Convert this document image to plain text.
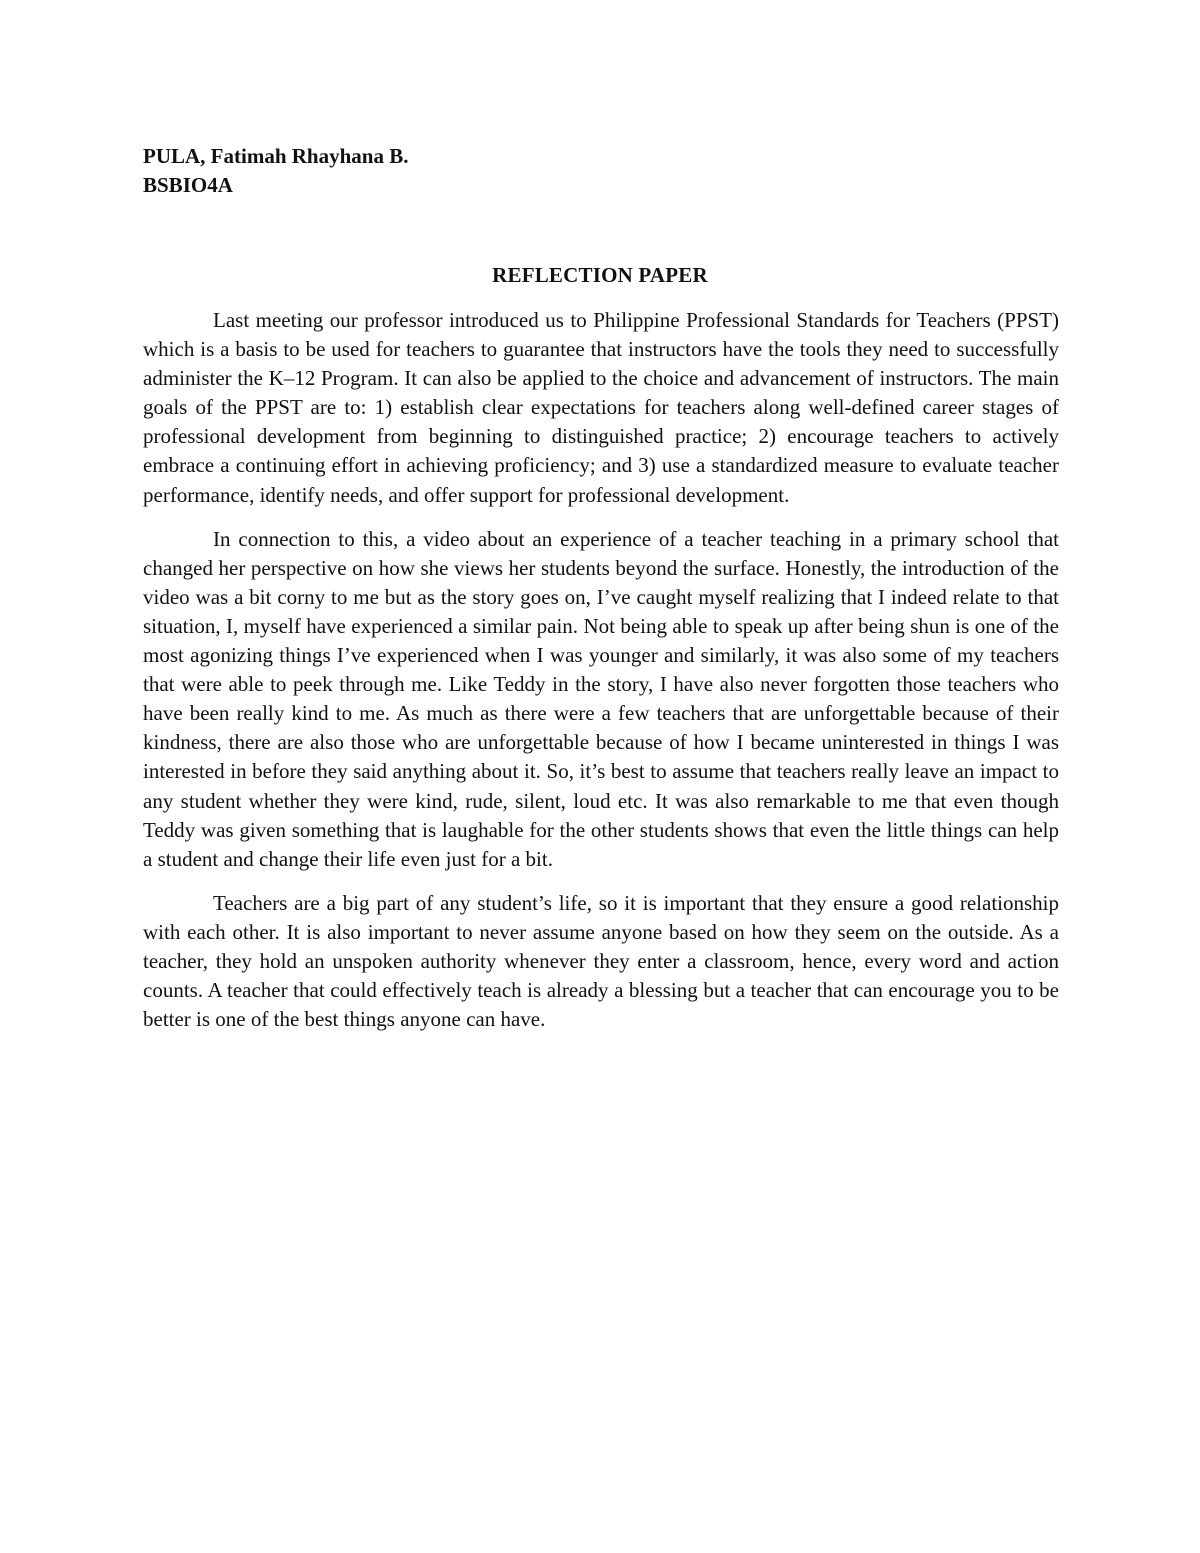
PULA, Fatimah Rhayhana B.
BSBIO4A
REFLECTION PAPER

Last meeting our professor introduced us to Philippine Professional Standards for Teachers (PPST) which is a basis to be used for teachers to guarantee that instructors have the tools they need to successfully administer the K–12 Program. It can also be applied to the choice and advancement of instructors. The main goals of the PPST are to: 1) establish clear expectations for teachers along well-defined career stages of professional development from beginning to distinguished practice; 2) encourage teachers to actively embrace a continuing effort in achieving proficiency; and 3) use a standardized measure to evaluate teacher performance, identify needs, and offer support for professional development.

In connection to this, a video about an experience of a teacher teaching in a primary school that changed her perspective on how she views her students beyond the surface. Honestly, the introduction of the video was a bit corny to me but as the story goes on, I’ve caught myself realizing that I indeed relate to that situation, I, myself have experienced a similar pain. Not being able to speak up after being shun is one of the most agonizing things I’ve experienced when I was younger and similarly, it was also some of my teachers that were able to peek through me. Like Teddy in the story, I have also never forgotten those teachers who have been really kind to me. As much as there were a few teachers that are unforgettable because of their kindness, there are also those who are unforgettable because of how I became uninterested in things I was interested in before they said anything about it. So, it’s best to assume that teachers really leave an impact to any student whether they were kind, rude, silent, loud etc. It was also remarkable to me that even though Teddy was given something that is laughable for the other students shows that even the little things can help a student and change their life even just for a bit.

Teachers are a big part of any student’s life, so it is important that they ensure a good relationship with each other. It is also important to never assume anyone based on how they seem on the outside. As a teacher, they hold an unspoken authority whenever they enter a classroom, hence, every word and action counts. A teacher that could effectively teach is already a blessing but a teacher that can encourage you to be better is one of the best things anyone can have.
